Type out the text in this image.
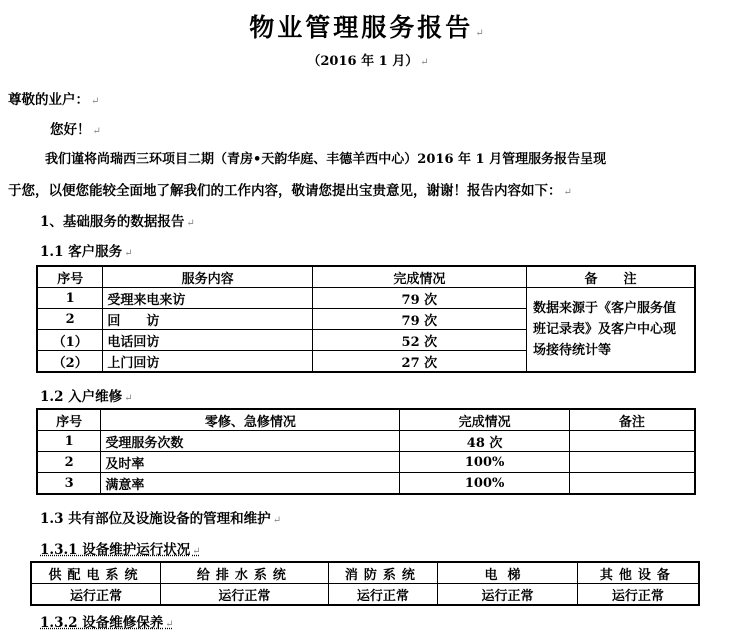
物业管理服务报告 ↵
（2016 年 1 月） ↵
尊敬的业户： ↵
您好！ ↵
我们谨将尚瑞西三环项目二期（青房•天韵华庭、丰德羊西中心）2016 年 1 月管理服务报告呈现
于您，以便您能较全面地了解我们的工作内容，敬请您提出宝贵意见，谢谢！报告内容如下： ↵
1、基础服务的数据报告 ↵
1.1 客户服务 ↵
序号	服务内容	完成情况	备　　注
1	受理来电来访	79 次	数据来源于《客户服务值班记录表》及客户中心现场接待统计等
2	回　　访	79 次	
（1）	电话回访	52 次	
（2）	上门回访	27 次	
1.2 入户维修 ↵
序号	零修、急修情况	完成情况	备注
1	受理服务次数	48 次	
2	及时率	100%	
3	满意率	100%	
1.3 共有部位及设施设备的管理和维护 ↵
1.3.1 设备维护运行状况 ↵
供配电系统	给排水系统	消防系统	电梯	其他设备
运行正常	运行正常	运行正常	运行正常	运行正常
1.3.2 设备维修保养 ↵
